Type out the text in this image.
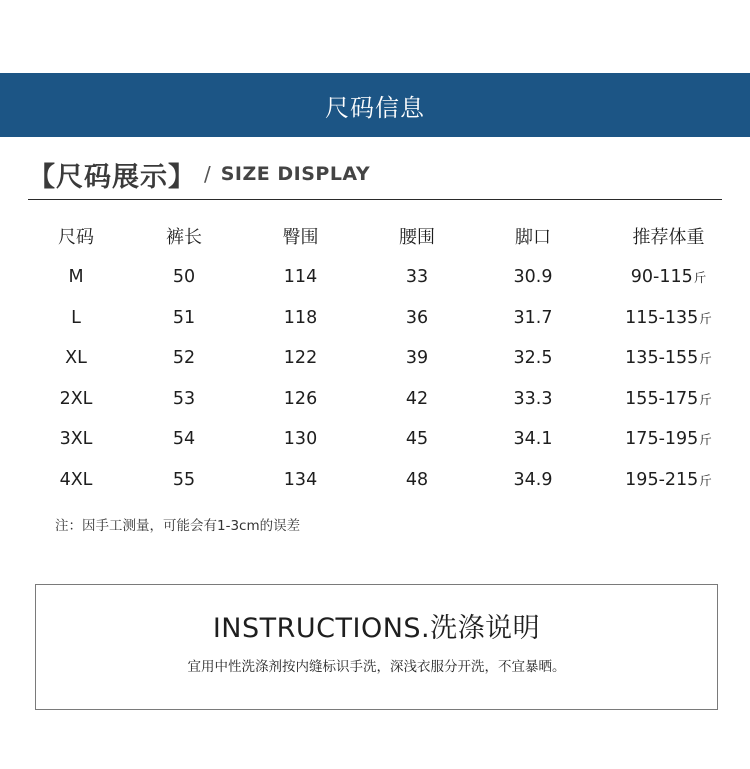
尺码信息
【尺码展示】 / SIZE DISPLAY
尺码	裤长	臀围	腰围	脚口	推荐体重
M	50	114	33	30.9	90-115斤
L	51	118	36	31.7	115-135斤
XL	52	122	39	32.5	135-155斤
2XL	53	126	42	33.3	155-175斤
3XL	54	130	45	34.1	175-195斤
4XL	55	134	48	34.9	195-215斤
注：因手工测量，可能会有1-3cm的误差
INSTRUCTIONS.洗涤说明
宜用中性洗涤剂按内缝标识手洗，深浅衣服分开洗，不宜暴晒。
